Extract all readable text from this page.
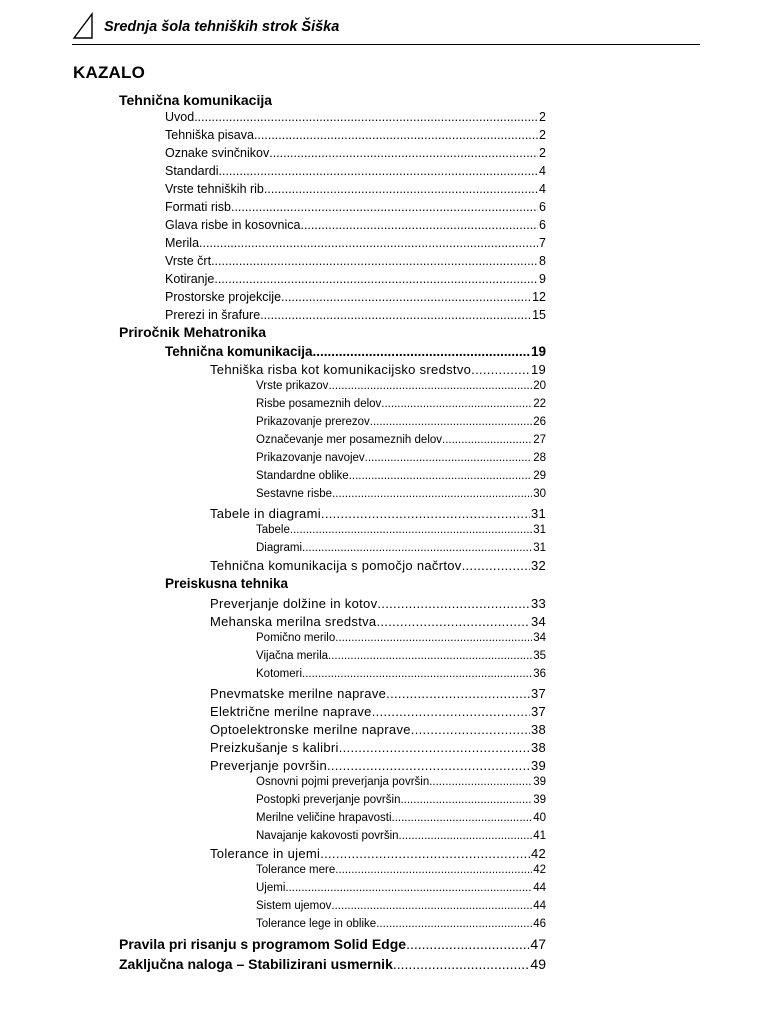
Srednja šola tehniških strok Šiška
KAZALO
Tehnična komunikacija
Uvod .....	2
Tehniška pisava .....	2
Oznake svinčnikov .....	2
Standardi .....	4
Vrste tehniških rib .....	4
Formati risb .....	6
Glava risbe in kosovnica .....	6
Merila .....	7
Vrste črt .....	8
Kotiranje .....	9
Prostorske projekcije .....	12
Prerezi in šrafure .....	15
Priročnik Mehatronika
Tehnična komunikacija .....	19
Tehniška risba kot komunikacijsko sredstvo .....	19
Vrste prikazov .....	20
Risbe posameznih delov .....	22
Prikazovanje prerezov .....	26
Označevanje mer posameznih delov .....	27
Prikazovanje navojev .....	28
Standardne oblike .....	29
Sestavne risbe .....	30
Tabele in diagrami .....	31
Tabele .....	31
Diagrami .....	31
Tehnična komunikacija s pomočjo načrtov .....	32
Preiskusna tehnika
Preverjanje dolžine in kotov .....	33
Mehanska merilna sredstva .....	34
Pomično merilo .....	34
Vijačna merila .....	35
Kotomeri .....	36
Pnevmatske merilne naprave .....	37
Električne merilne naprave .....	37
Optoelektronske merilne naprave .....	38
Preizkušanje s kalibri .....	38
Preverjanje površin .....	39
Osnovni pojmi preverjanja površin .....	39
Postopki preverjanje površin .....	39
Merilne veličine hrapavosti .....	40
Navajanje kakovosti površin .....	41
Tolerance in ujemi .....	42
Tolerance mere .....	42
Ujemi .....	44
Sistem ujemov .....	44
Tolerance lege in oblike .....	46
Pravila pri risanju s programom Solid Edge .....	47
Zaključna naloga – Stabilizirani usmernik .....	49
